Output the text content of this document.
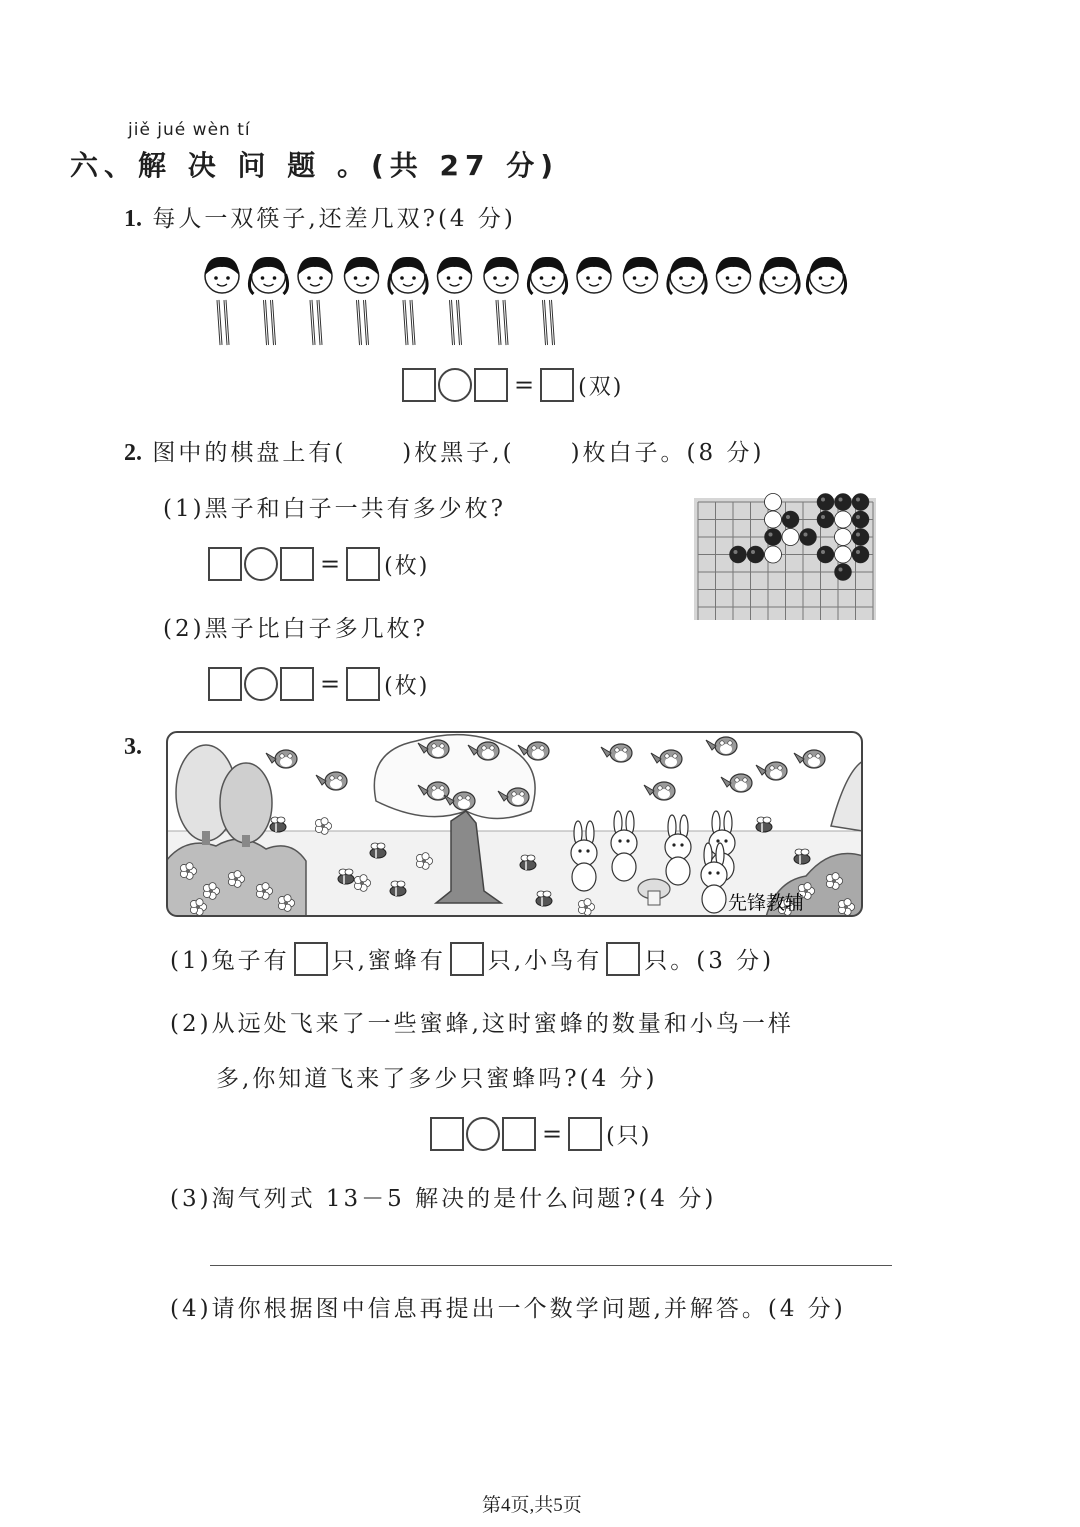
jiě jué wèn tí
六、解 决 问 题 。(共 27 分)
1. 每人一双筷子,还差几双?(4 分)
= (双)
2. 图中的棋盘上有( )枚黑子,( )枚白子。(8 分)
(1)黑子和白子一共有多少枚?
= (枚)
(2)黑子比白子多几枚?
= (枚)
3.
先锋教辅
(1)兔子有 只,蜜蜂有 只,小鸟有 只。(3 分)
(2)从远处飞来了一些蜜蜂,这时蜜蜂的数量和小鸟一样
多,你知道飞来了多少只蜜蜂吗?(4 分)
= (只)
(3)淘气列式 13－5 解决的是什么问题?(4 分)
(4)请你根据图中信息再提出一个数学问题,并解答。(4 分)
第4页,共5页
